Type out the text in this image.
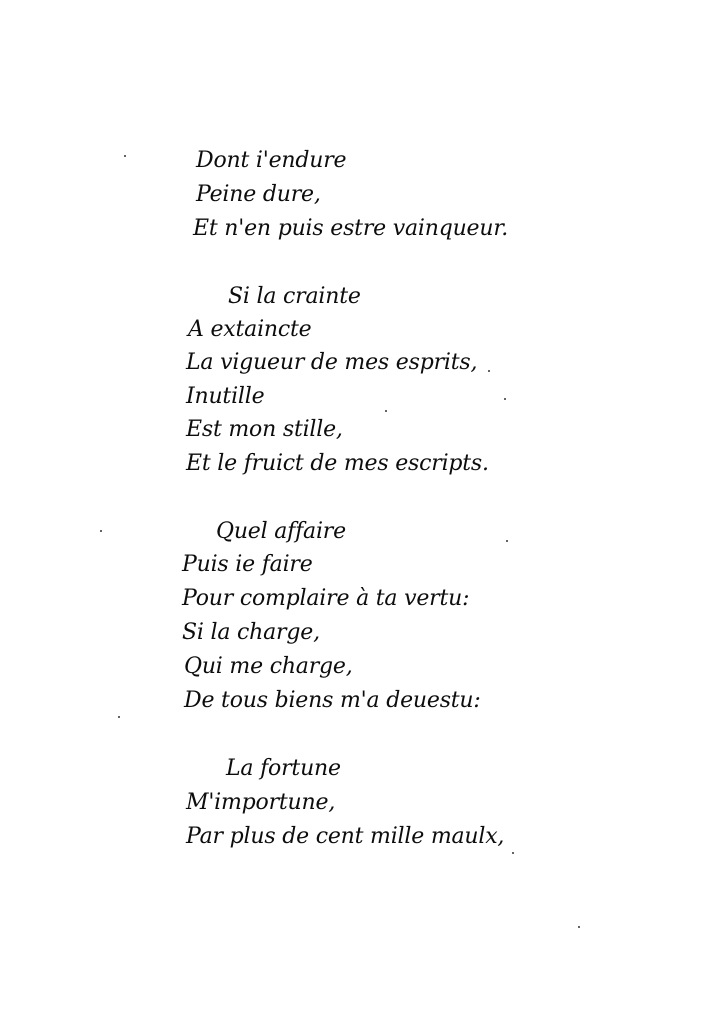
Dont i'endure

Peine dure,

Et n'en puis estre vainqueur.

Si la crainte

A extaincte

La vigueur de mes esprits,

Inutille

Est mon stille,

Et le fruict de mes escripts.

Quel affaire

Puis ie faire

Pour complaire à ta vertu:

Si la charge,

Qui me charge,

De tous biens m'a deuestu:

La fortune

M'importune,

Par plus de cent mille maulx,
